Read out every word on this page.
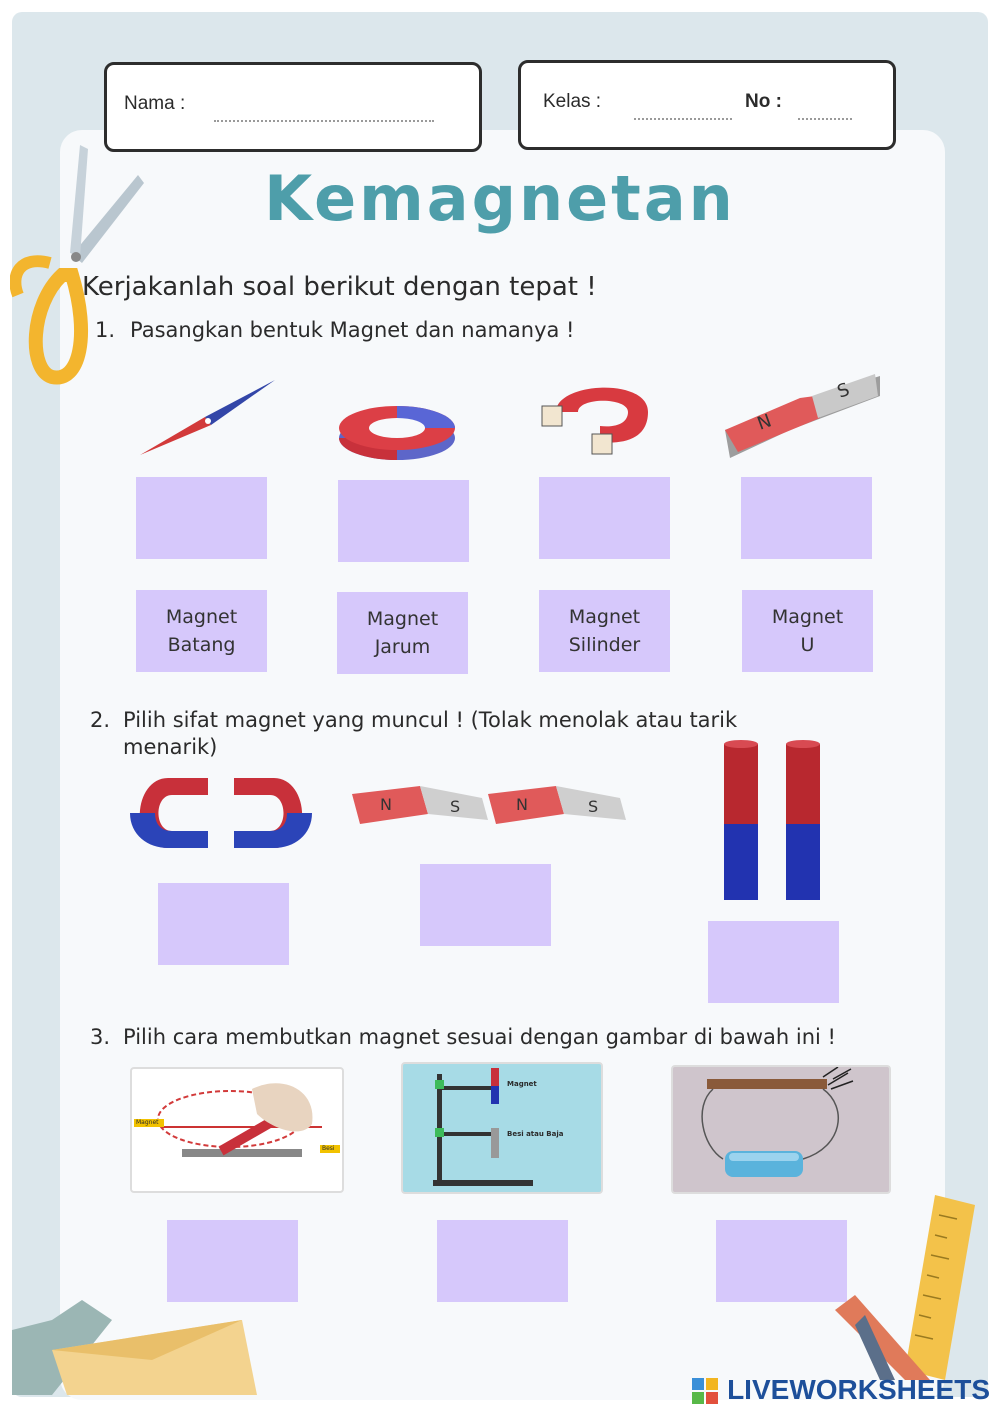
Nama :	Kelas :	No :
Kemagnetan
Kerjakanlah soal berikut dengan tepat !
1. Pasangkan bentuk Magnet dan namanya !
N
S
Magnet
Batang
Magnet
Jarum
Magnet
Silinder
Magnet
U
2. Pilih sifat magnet yang muncul ! (Tolak menolak atau tarik
menarik)
N	S	N	S
3. Pilih cara membutkan magnet sesuai dengan gambar di bawah ini !
Magnet
Besi
Magnet
Besi atau Baja
LIVEWORKSHEETS
